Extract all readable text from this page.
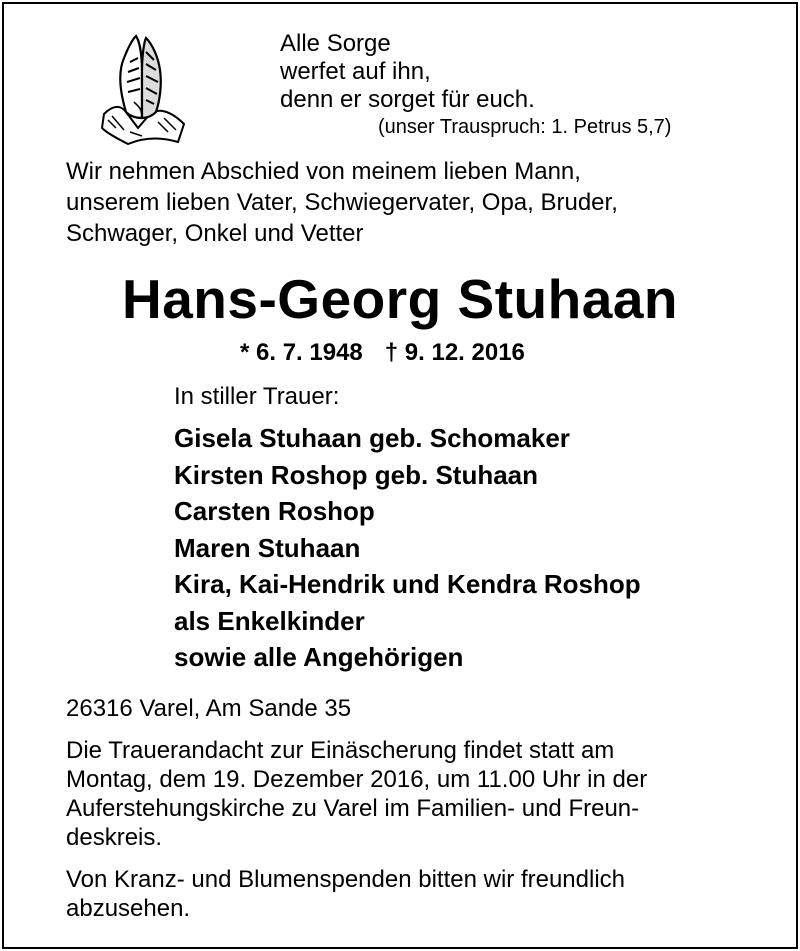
Alle Sorge
werfet auf ihn,
denn er sorget für euch.
(unser Trauspruch: 1. Petrus 5,7)
Wir nehmen Abschied von meinem lieben Mann,
unserem lieben Vater, Schwiegervater, Opa, Bruder,
Schwager, Onkel und Vetter
Hans-Georg Stuhaan
* 6. 7. 1948 † 9. 12. 2016
In stiller Trauer:
Gisela Stuhaan geb. Schomaker
Kirsten Roshop geb. Stuhaan
Carsten Roshop
Maren Stuhaan
Kira, Kai-Hendrik und Kendra Roshop
als Enkelkinder
sowie alle Angehörigen
26316 Varel, Am Sande 35
Die Trauerandacht zur Einäscherung findet statt am
Montag, dem 19. Dezember 2016, um 11.00 Uhr in der
Auferstehungskirche zu Varel im Familien- und Freun-
deskreis.
Von Kranz- und Blumenspenden bitten wir freundlich
abzusehen.
